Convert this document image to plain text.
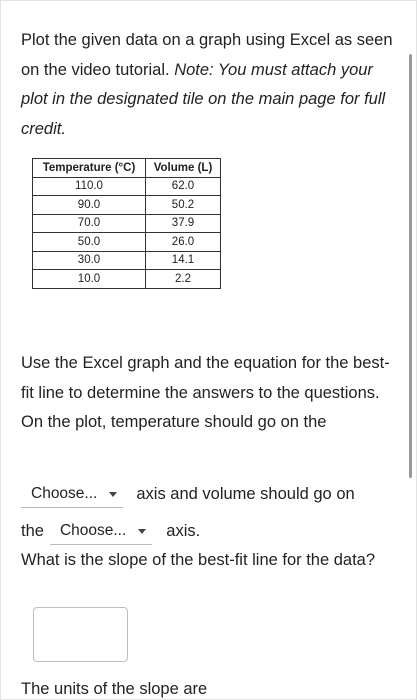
Plot the given data on a graph using Excel as seen on the video tutorial. Note: You must attach your plot in the designated tile on the main page for full credit.

Temperature (°C)	Volume (L)
110.0	62.0
90.0	50.2
70.0	37.9
50.0	26.0
30.0	14.1
10.0	2.2

Use the Excel graph and the equation for the best-fit line to determine the answers to the questions.

On the plot, temperature should go on the

Choose... axis and volume should go on
the Choose... axis.
What is the slope of the best-fit line for the data?
The units of the slope are
